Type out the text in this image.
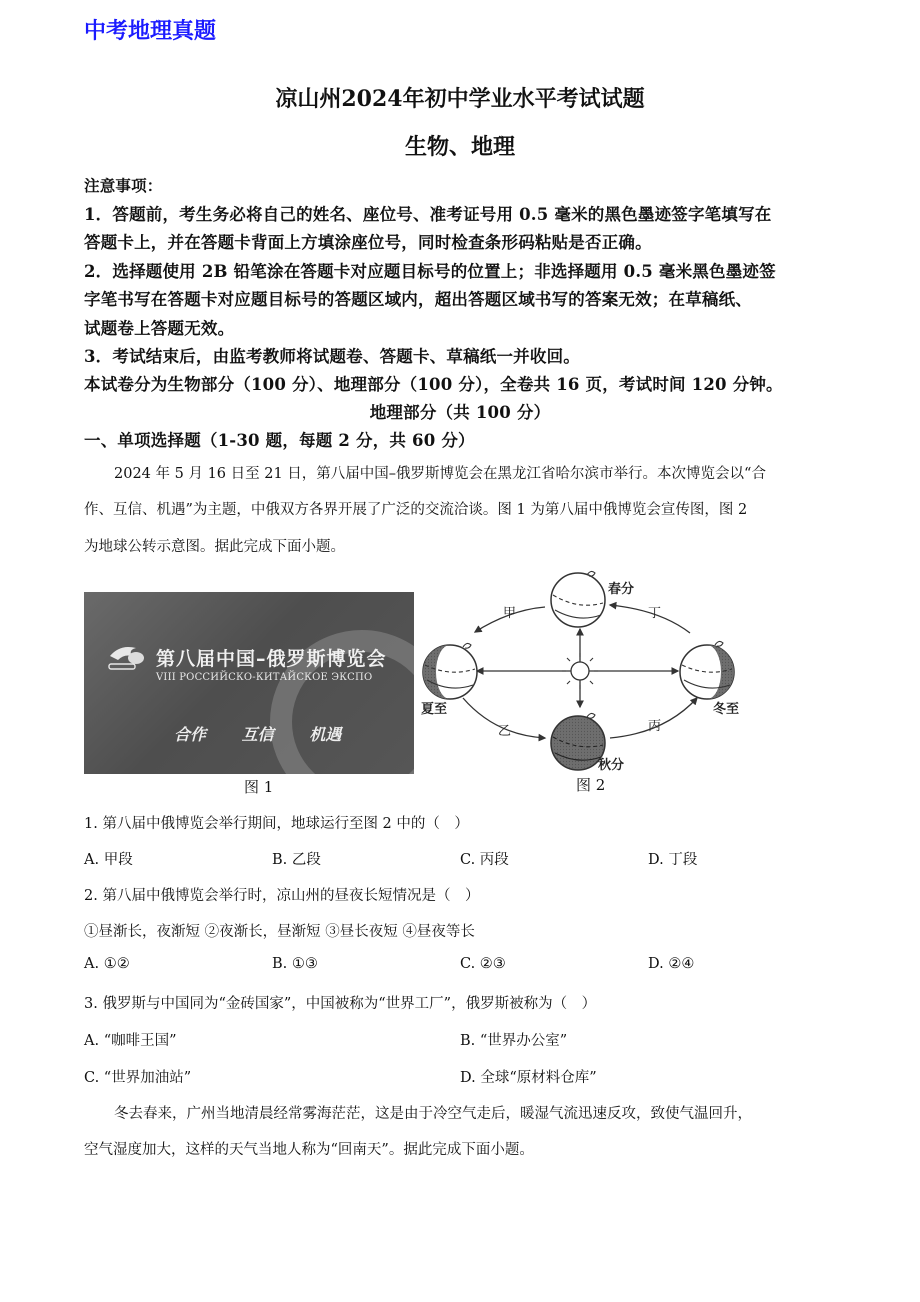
中考地理真题
凉山州2024年初中学业水平考试试题
生物、地理
注意事项：
1．答题前，考生务必将自己的姓名、座位号、准考证号用 0.5 毫米的黑色墨迹签字笔填写在
答题卡上，并在答题卡背面上方填涂座位号，同时检查条形码粘贴是否正确。
2．选择题使用 2B 铅笔涂在答题卡对应题目标号的位置上；非选择题用 0.5 毫米黑色墨迹签
字笔书写在答题卡对应题目标号的答题区域内，超出答题区域书写的答案无效；在草稿纸、
试题卷上答题无效。
3．考试结束后，由监考教师将试题卷、答题卡、草稿纸一并收回。
本试卷分为生物部分（100 分）、地理部分（100 分），全卷共 16 页，考试时间 120 分钟。
地理部分（共 100 分）
一、单项选择题（1-30 题，每题 2 分，共 60 分）
2024 年 5 月 16 日至 21 日，第八届中国–俄罗斯博览会在黑龙江省哈尔滨市举行。本次博览会以“合
作、互信、机遇”为主题，中俄双方各界开展了广泛的交流洽谈。图 1 为第八届中俄博览会宣传图，图 2
为地球公转示意图。据此完成下面小题。
第八届中国–俄罗斯博览会
VIII РОССИЙСКО-КИТАЙСКОЕ ЭКСПО
合作 互信 机遇
图 1
春分
夏至	冬至
秋分
甲
乙	丙
丁
图 2
1. 第八届中俄博览会举行期间，地球运行至图 2 中的（　）
A. 甲段	B. 乙段	C. 丙段	D. 丁段
2. 第八届中俄博览会举行时，凉山州的昼夜长短情况是（　）
①昼渐长，夜渐短 ②夜渐长，昼渐短 ③昼长夜短 ④昼夜等长
A. ①②	B. ①③	C. ②③	D. ②④
3. 俄罗斯与中国同为“金砖国家”，中国被称为“世界工厂”，俄罗斯被称为（　）
A. “咖啡王国”	B. “世界办公室”
C. “世界加油站”	D. 全球“原材料仓库”
冬去春来，广州当地清晨经常雾海茫茫，这是由于冷空气走后，暖湿气流迅速反攻，致使气温回升，
空气湿度加大，这样的天气当地人称为“回南天”。据此完成下面小题。
